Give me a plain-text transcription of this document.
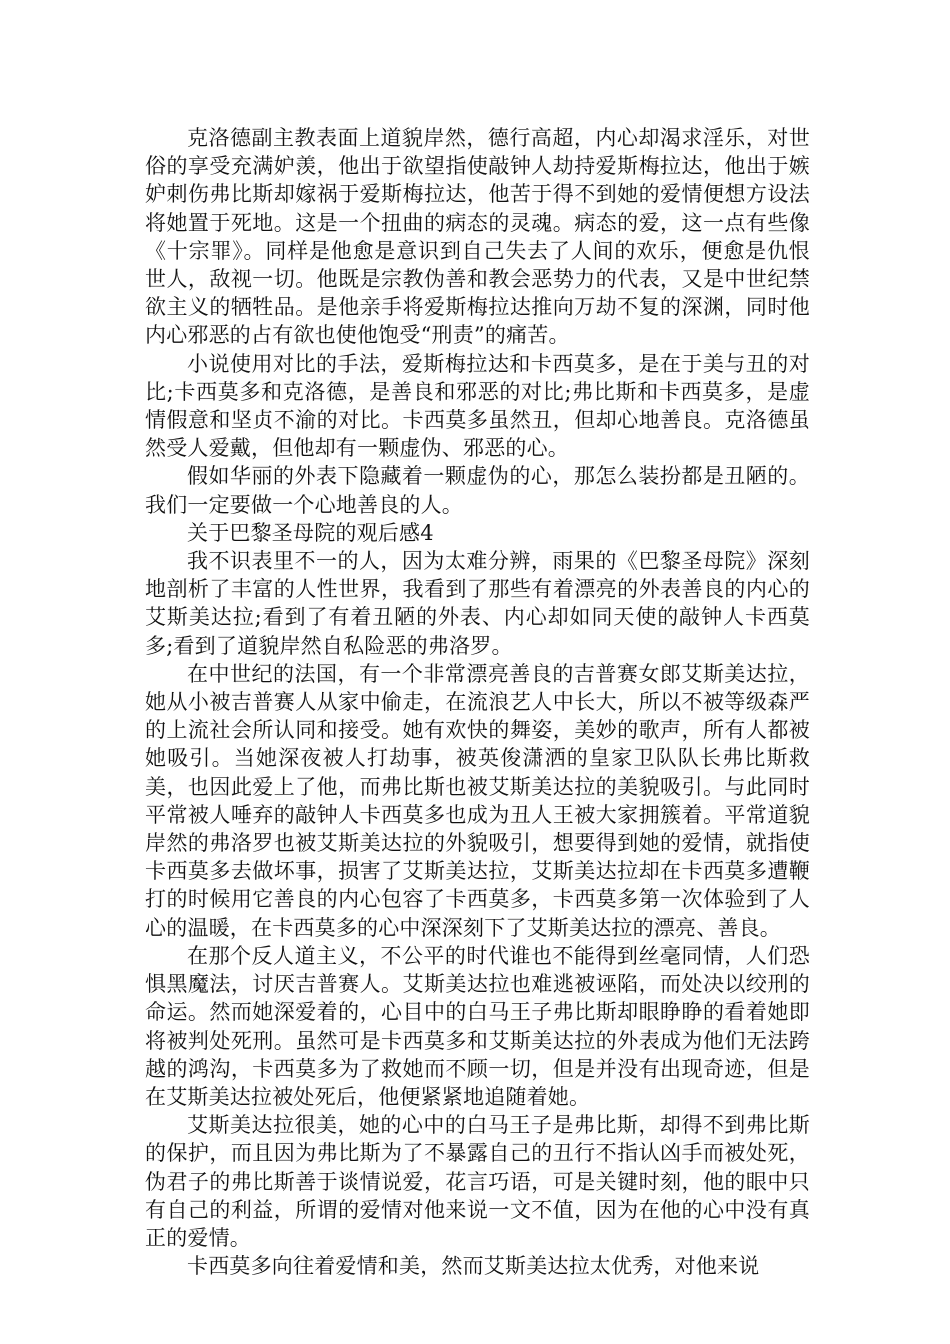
克洛德副主教表面上道貌岸然，德行高超，内心却渴求淫乐，对世俗的享受充满妒羡，他出于欲望指使敲钟人劫持爱斯梅拉达，他出于嫉妒刺伤弗比斯却嫁祸于爱斯梅拉达，他苦于得不到她的爱情便想方设法将她置于死地。这是一个扭曲的病态的灵魂。病态的爱，这一点有些像《十宗罪》。同样是他愈是意识到自己失去了人间的欢乐，便愈是仇恨世人，敌视一切。他既是宗教伪善和教会恶势力的代表，又是中世纪禁欲主义的牺牲品。是他亲手将爱斯梅拉达推向万劫不复的深渊，同时他内心邪恶的占有欲也使他饱受“刑责”的痛苦。

小说使用对比的手法，爱斯梅拉达和卡西莫多，是在于美与丑的对比;卡西莫多和克洛德，是善良和邪恶的对比;弗比斯和卡西莫多，是虚情假意和坚贞不渝的对比。卡西莫多虽然丑，但却心地善良。克洛德虽然受人爱戴，但他却有一颗虚伪、邪恶的心。

假如华丽的外表下隐藏着一颗虚伪的心，那怎么装扮都是丑陋的。我们一定要做一个心地善良的人。

关于巴黎圣母院的观后感4

我不识表里不一的人，因为太难分辨，雨果的《巴黎圣母院》深刻地剖析了丰富的人性世界，我看到了那些有着漂亮的外表善良的内心的艾斯美达拉;看到了有着丑陋的外表、内心却如同天使的敲钟人卡西莫多;看到了道貌岸然自私险恶的弗洛罗。

在中世纪的法国，有一个非常漂亮善良的吉普赛女郎艾斯美达拉，她从小被吉普赛人从家中偷走，在流浪艺人中长大，所以不被等级森严的上流社会所认同和接受。她有欢快的舞姿，美妙的歌声，所有人都被她吸引。当她深夜被人打劫事，被英俊潇洒的皇家卫队队长弗比斯救美，也因此爱上了他，而弗比斯也被艾斯美达拉的美貌吸引。与此同时平常被人唾弃的敲钟人卡西莫多也成为丑人王被大家拥簇着。平常道貌岸然的弗洛罗也被艾斯美达拉的外貌吸引，想要得到她的爱情，就指使卡西莫多去做坏事，损害了艾斯美达拉，艾斯美达拉却在卡西莫多遭鞭打的时候用它善良的内心包容了卡西莫多，卡西莫多第一次体验到了人心的温暖，在卡西莫多的心中深深刻下了艾斯美达拉的漂亮、善良。

在那个反人道主义，不公平的时代谁也不能得到丝毫同情，人们恐惧黑魔法，讨厌吉普赛人。艾斯美达拉也难逃被诬陷，而处决以绞刑的命运。然而她深爱着的，心目中的白马王子弗比斯却眼睁睁的看着她即将被判处死刑。虽然可是卡西莫多和艾斯美达拉的外表成为他们无法跨越的鸿沟，卡西莫多为了救她而不顾一切，但是并没有出现奇迹，但是在艾斯美达拉被处死后，他便紧紧地追随着她。

艾斯美达拉很美，她的心中的白马王子是弗比斯，却得不到弗比斯的保护，而且因为弗比斯为了不暴露自己的丑行不指认凶手而被处死，伪君子的弗比斯善于谈情说爱，花言巧语，可是关键时刻，他的眼中只有自己的利益，所谓的爱情对他来说一文不值，因为在他的心中没有真正的爱情。

卡西莫多向往着爱情和美，然而艾斯美达拉太优秀，对他来说
